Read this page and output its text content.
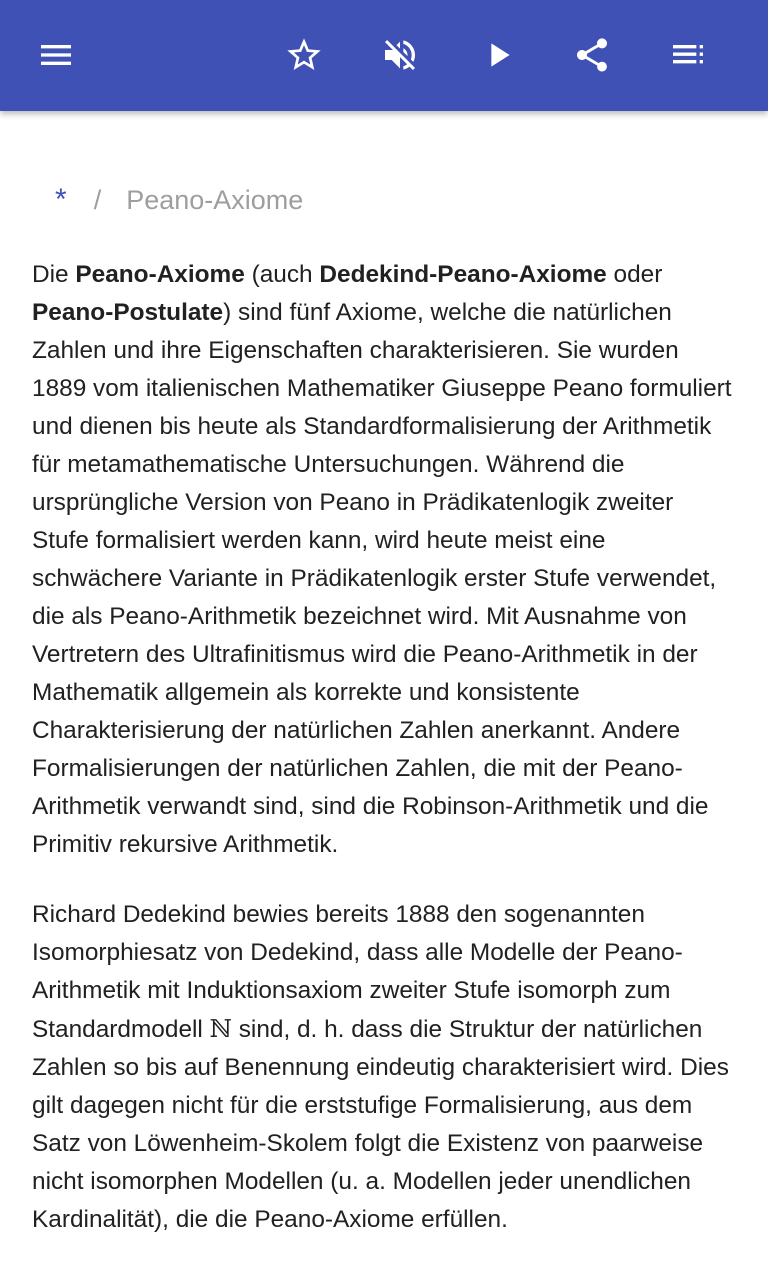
* / Peano-Axiome

Die Peano-Axiome (auch Dedekind-Peano-Axiome oder Peano-Postulate) sind fünf Axiome, welche die natürlichen Zahlen und ihre Eigenschaften charakterisieren. Sie wurden 1889 vom italienischen Mathematiker Giuseppe Peano formuliert und dienen bis heute als Standardformalisierung der Arithmetik für metamathematische Untersuchungen. Während die ursprüngliche Version von Peano in Prädikatenlogik zweiter Stufe formalisiert werden kann, wird heute meist eine schwächere Variante in Prädikatenlogik erster Stufe verwendet, die als Peano-Arithmetik bezeichnet wird. Mit Ausnahme von Vertretern des Ultrafinitismus wird die Peano-Arithmetik in der Mathematik allgemein als korrekte und konsistente Charakterisierung der natürlichen Zahlen anerkannt. Andere Formalisierungen der natürlichen Zahlen, die mit der Peano-Arithmetik verwandt sind, sind die Robinson-Arithmetik und die Primitiv rekursive Arithmetik.

Richard Dedekind bewies bereits 1888 den sogenannten Isomorphiesatz von Dedekind, dass alle Modelle der Peano-Arithmetik mit Induktionsaxiom zweiter Stufe isomorph zum Standardmodell ℕ sind, d. h. dass die Struktur der natürlichen Zahlen so bis auf Benennung eindeutig charakterisiert wird. Dies gilt dagegen nicht für die erststufige Formalisierung, aus dem Satz von Löwenheim-Skolem folgt die Existenz von paarweise nicht isomorphen Modellen (u. a. Modellen jeder unendlichen Kardinalität), die die Peano-Axiome erfüllen.
